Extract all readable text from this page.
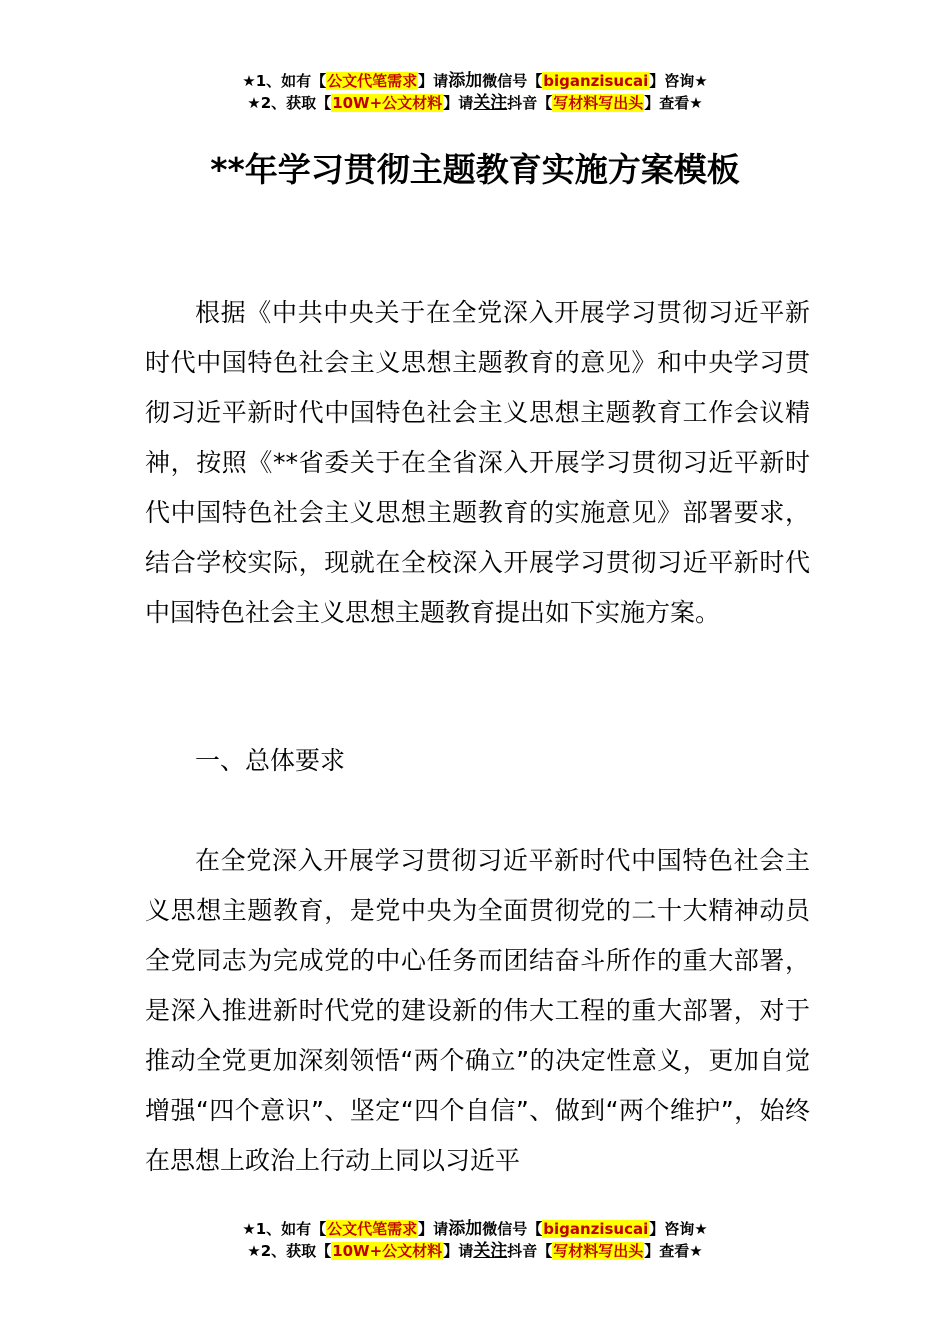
★1、如有【公文代笔需求】请添加微信号【biganzisucai】咨询★
★2、获取【10W+公文材料】请关注抖音【写材料写出头】查看★
**年学习贯彻主题教育实施方案模板

根据《中共中央关于在全党深入开展学习贯彻习近平新时代中国特色社会主义思想主题教育的意见》和中央学习贯彻习近平新时代中国特色社会主义思想主题教育工作会议精神，按照《**省委关于在全省深入开展学习贯彻习近平新时代中国特色社会主义思想主题教育的实施意见》部署要求，结合学校实际，现就在全校深入开展学习贯彻习近平新时代中国特色社会主义思想主题教育提出如下实施方案。

一、总体要求

在全党深入开展学习贯彻习近平新时代中国特色社会主义思想主题教育，是党中央为全面贯彻党的二十大精神动员全党同志为完成党的中心任务而团结奋斗所作的重大部署，是深入推进新时代党的建设新的伟大工程的重大部署，对于推动全党更加深刻领悟“两个确立”的决定性意义，更加自觉增强“四个意识”、坚定“四个自信”、做到“两个维护”，始终在思想上政治上行动上同以习近平

★1、如有【公文代笔需求】请添加微信号【biganzisucai】咨询★
★2、获取【10W+公文材料】请关注抖音【写材料写出头】查看★
